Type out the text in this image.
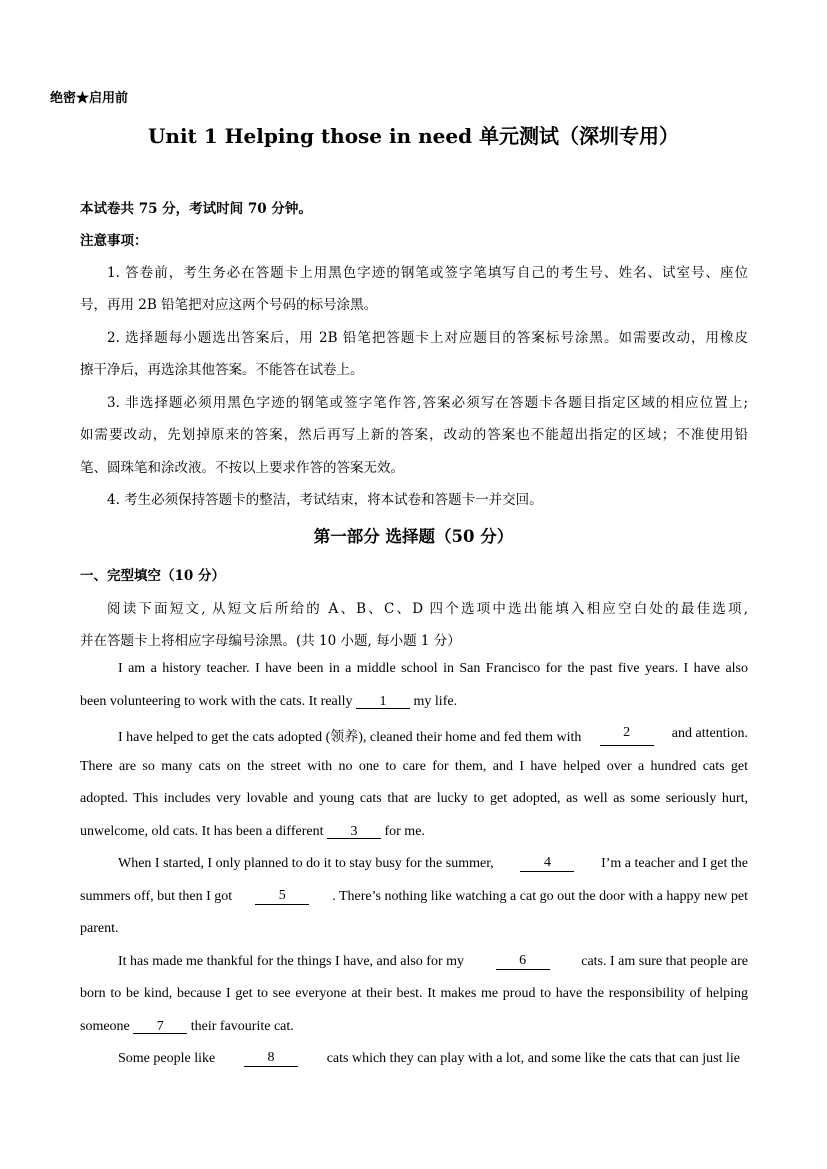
绝密★启用前
Unit 1 Helping those in need 单元测试（深圳专用）
本试卷共 75 分，考试时间 70 分钟。
注意事项：
1. 答卷前，考生务必在答题卡上用黑色字迹的钢笔或签字笔填写自己的考生号、姓名、试室号、座位
号，再用 2B 铅笔把对应这两个号码的标号涂黑。
2. 选择题每小题选出答案后，用 2B 铅笔把答题卡上对应题目的答案标号涂黑。如需要改动，用橡皮
擦干净后，再选涂其他答案。不能答在试卷上。
3. 非选择题必须用黑色字迹的钢笔或签字笔作答,答案必须写在答题卡各题目指定区域的相应位置上;
如需要改动，先划掉原来的答案，然后再写上新的答案，改动的答案也不能超出指定的区域；不准使用铅
笔、圆珠笔和涂改液。不按以上要求作答的答案无效。
4. 考生必须保持答题卡的整洁，考试结束，将本试卷和答题卡一并交回。
第一部分 选择题（50 分）
一、完型填空（10 分）
阅读下面短文, 从短文后所给的 A、B、C、D 四个选项中选出能填入相应空白处的最佳选项,
并在答题卡上将相应字母编号涂黑。(共 10 小题, 每小题 1 分）
I am a history teacher. I have been in a middle school in San Francisco for the past five years. I have also
been volunteering to work with the cats. It really 1 my life.
I have helped to get the cats adopted (领养), cleaned their home and fed them with	2	and attention.
There are so many cats on the street with no one to care for them, and I have helped over a hundred cats get
adopted. This includes very lovable and young cats that are lucky to get adopted, as well as some seriously hurt,
unwelcome, old cats. It has been a different 3 for me.
When I started, I only planned to do it to stay busy for the summer,	4	I’m a teacher and I get the
summers off, but then I got	5	. There’s nothing like watching a cat go out the door with a happy new pet
parent.
It has made me thankful for the things I have, and also for my	6	cats. I am sure that people are
born to be kind, because I get to see everyone at their best. It makes me proud to have the responsibility of helping
someone 7 their favourite cat.
Some people like	8	cats which they can play with a lot, and some like the cats that can just lie
